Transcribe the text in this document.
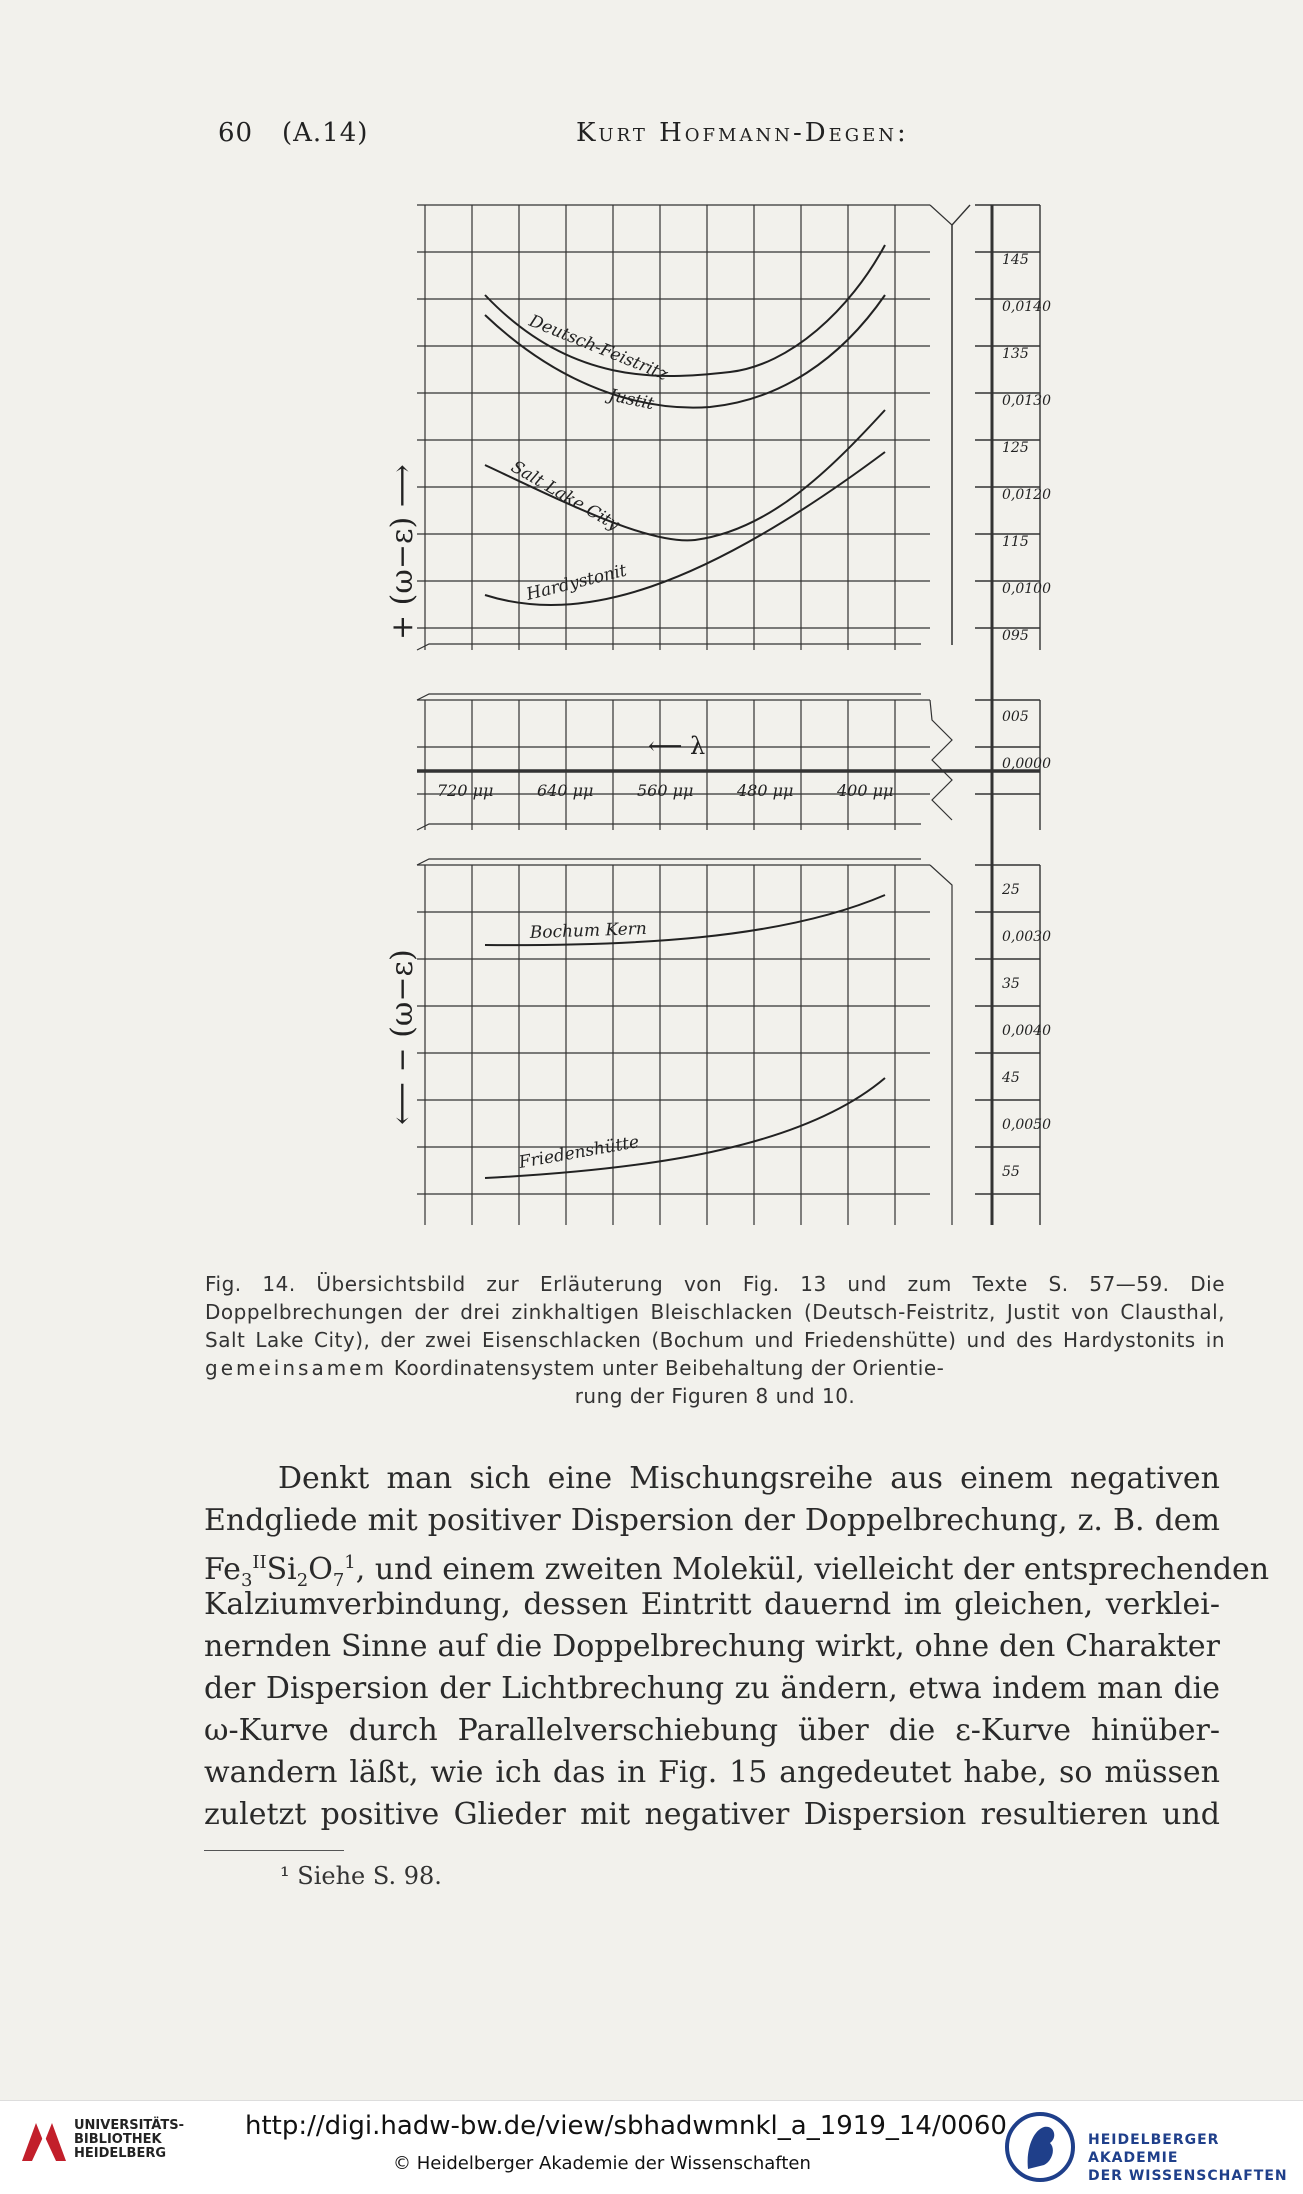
60 (A.14)	Kurt Hofmann-Degen:
145
0,0140
135
0,0130
125
0,0120
115
0,0100
095
005
0,0000
25
0,0030
35
0,0040
45
0,0050
55
720 μμ	640 μμ	560 μμ	480 μμ	400 μμ
⟵ λ
+ (ω−ε) ⟶
⟵ − (ω−ε)
Deutsch-Feistritz
Justit
Salt Lake City
Hardystonit
Bochum Kern
Friedenshütte

Fig. 14. Übersichtsbild zur Erläuterung von Fig. 13 und zum Texte S. 57—59. Die Doppelbrechungen der drei zinkhaltigen Bleischlacken (Deutsch-Feistritz, Justit von Clausthal, Salt Lake City), der zwei Eisenschlacken (Bochum und Friedenshütte) und des Hardystonits in gemeinsamem Koordinatensystem unter Beibehaltung der Orientie-

rung der Figuren 8 und 10.

Denkt man sich eine Mischungsreihe aus einem negativen
Endgliede mit positiver Dispersion der Doppelbrechung, z. B. dem
$Fe_3^{II}Si_2O_7^1$, und einem zweiten Molekül, vielleicht der entsprechenden
Kalziumverbindung, dessen Eintritt dauernd im gleichen, verklei-
nernden Sinne auf die Doppelbrechung wirkt, ohne den Charakter
der Dispersion der Lichtbrechung zu ändern, etwa indem man die
ω-Kurve durch Parallelverschiebung über die ε-Kurve hinüber-
wandern läßt, wie ich das in Fig. 15 angedeutet habe, so müssen
zuletzt positive Glieder mit negativer Dispersion resultieren und
¹ Siehe S. 98.
UNIVERSITÄTS-
BIBLIOTHEK
HEIDELBERG
http://digi.hadw-bw.de/view/sbhadwmnkl_a_1919_14/0060
© Heidelberger Akademie der Wissenschaften
HEIDELBERGER AKADEMIE
DER WISSENSCHAFTEN
